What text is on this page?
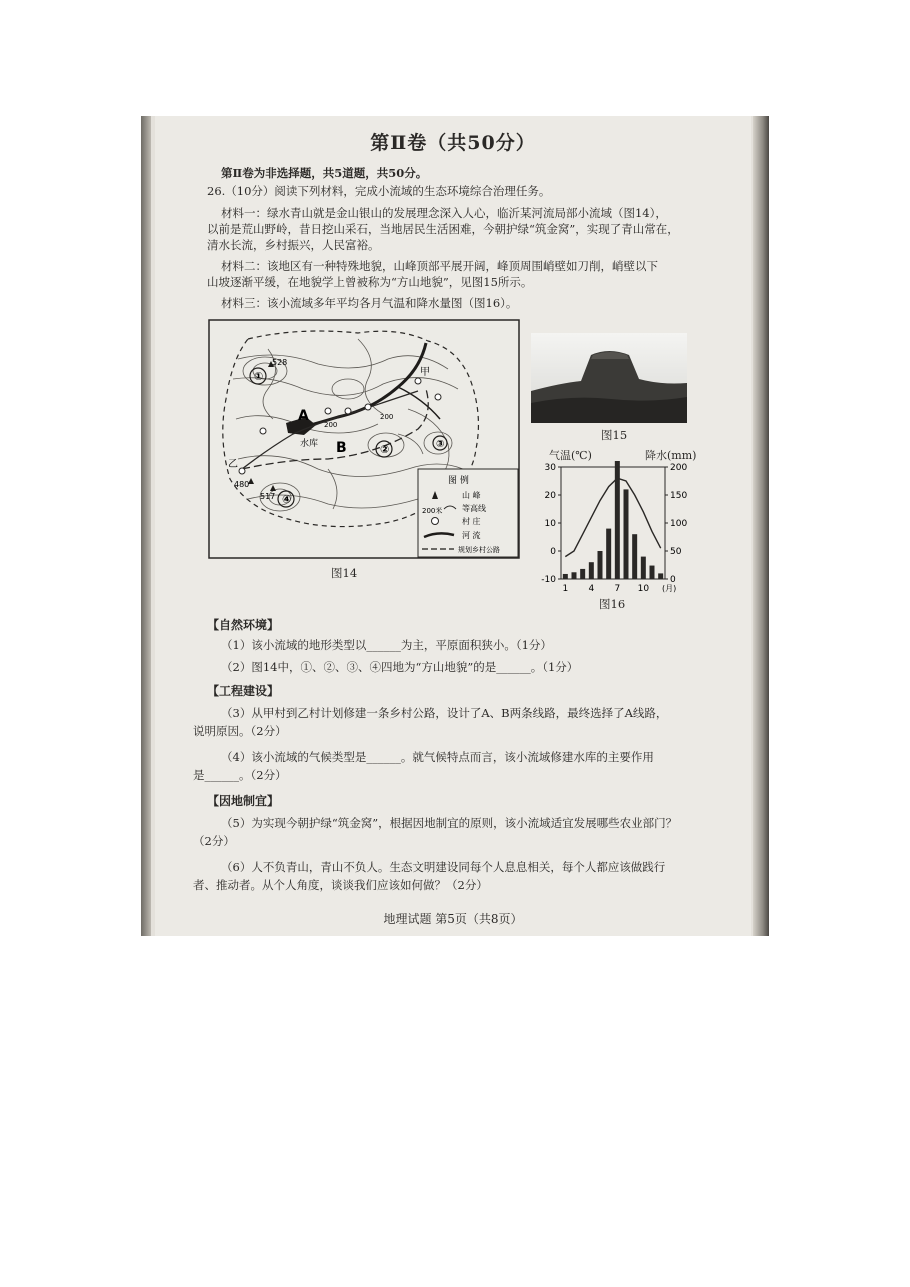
第Ⅱ卷（共50分）
第Ⅱ卷为非选择题，共5道题，共50分。
26.（10分）阅读下列材料，完成小流域的生态环境综合治理任务。
材料一：绿水青山就是金山银山的发展理念深入人心，临沂某河流局部小流域（图14），
以前是荒山野岭，昔日挖山采石，当地居民生活困难，今朝护绿“筑金窝”，实现了青山常在，
清水长流，乡村振兴，人民富裕。
材料二：该地区有一种特殊地貌，山峰顶部平展开阔，峰顶周围峭壁如刀削，峭壁以下
山坡逐渐平缓，在地貌学上曾被称为“方山地貌”，见图15所示。
材料三：该小流域多年平均各月气温和降水量图（图16）。
①
②	③
④
528
517
480
200
200
甲
乙
A
B
水库
图 例
山 峰
200米 等高线
村 庄
河 流
规划乡村公路
图14
图15
气温(℃)	降水(mm)
30
20
10
0
-10
200
150
100
50
0
1 4 7 10 (月)
图16
【自然环境】
（1）该小流域的地形类型以______为主，平原面积狭小。（1分）
（2）图14中，①、②、③、④四地为“方山地貌”的是______。（1分）
【工程建设】
（3）从甲村到乙村计划修建一条乡村公路，设计了A、B两条线路，最终选择了A线路，
说明原因。（2分）
（4）该小流域的气候类型是______。就气候特点而言，该小流域修建水库的主要作用
是______。（2分）
【因地制宜】
（5）为实现今朝护绿“筑金窝”，根据因地制宜的原则，该小流域适宜发展哪些农业部门？
（2分）
（6）人不负青山，青山不负人。生态文明建设同每个人息息相关，每个人都应该做践行
者、推动者。从个人角度，谈谈我们应该如何做？（2分）
地理试题 第5页（共8页）
